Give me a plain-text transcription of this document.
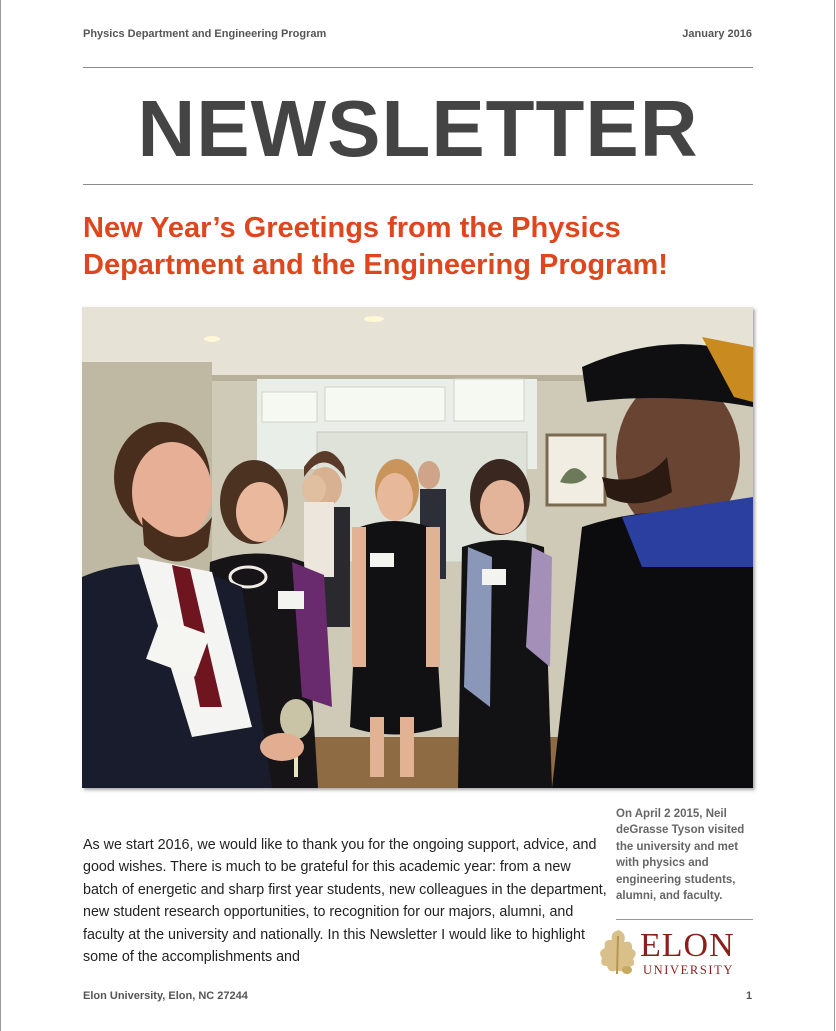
Physics Department and Engineering Program	January 2016
NEWSLETTER
New Year’s Greetings from the Physics Department and the Engineering Program!
On April 2 2015, Neil deGrasse Tyson visited the university and met with physics and engineering students, alumni, and faculty.
As we start 2016, we would like to thank you for the ongoing support, advice, and good wishes. There is much to be grateful for this academic year: from a new batch of energetic and sharp first year students, new colleagues in the department, new student research opportunities, to recognition for our majors, alumni, and faculty at the university and nationally. In this Newsletter I would like to highlight some of the accomplishments and	ELON
UNIVERSITY
Elon University, Elon, NC 27244	1
